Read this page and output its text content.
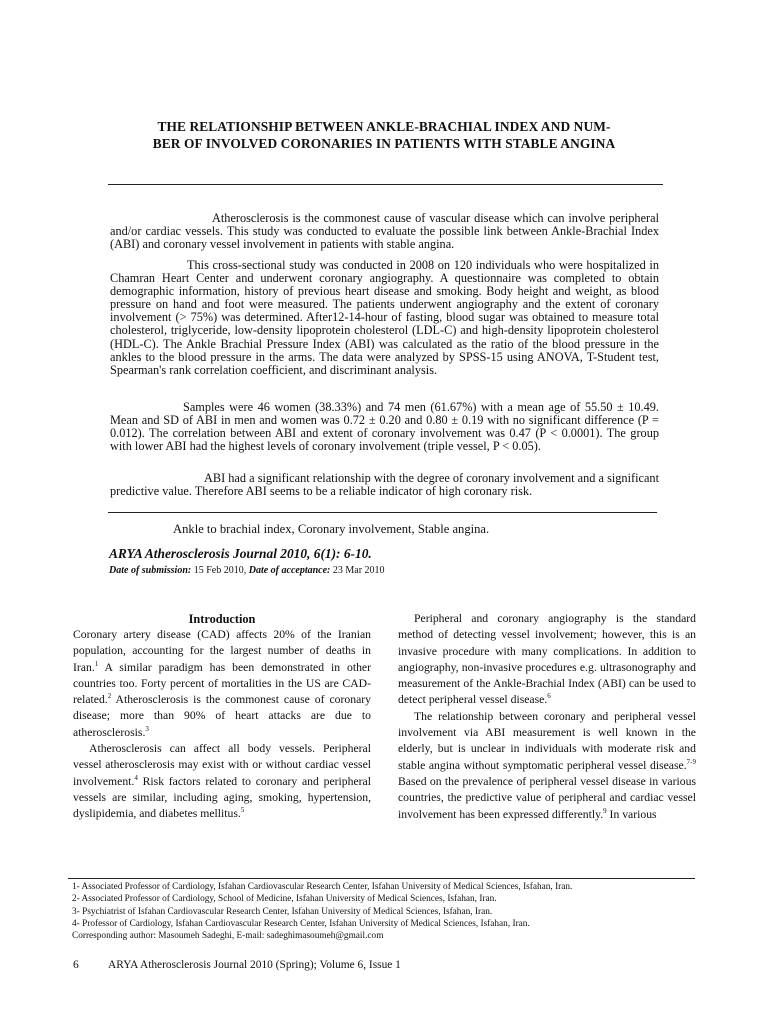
THE RELATIONSHIP BETWEEN ANKLE-BRACHIAL INDEX AND NUM-
BER OF INVOLVED CORONARIES IN PATIENTS WITH STABLE ANGINA

Atherosclerosis is the commonest cause of vascular disease which can involve peripheral and/or cardiac vessels. This study was conducted to evaluate the possible link between Ankle-Brachial Index (ABI) and coronary vessel involvement in patients with stable angina.

This cross-sectional study was conducted in 2008 on 120 individuals who were hospitalized in Chamran Heart Center and underwent coronary angiography. A questionnaire was completed to obtain demographic information, history of previous heart disease and smoking. Body height and weight, as blood pressure on hand and foot were measured. The patients underwent angiography and the extent of coronary involvement (> 75%) was determined. After12-14-hour of fasting, blood sugar was obtained to measure total cholesterol, triglyceride, low-density lipoprotein cholesterol (LDL-C) and high-density lipoprotein cholesterol (HDL-C). The Ankle Brachial Pressure Index (ABI) was calculated as the ratio of the blood pressure in the ankles to the blood pressure in the arms. The data were analyzed by SPSS-15 using ANOVA, T-Student test, Spearman's rank correlation coefficient, and discriminant analysis.

Samples were 46 women (38.33%) and 74 men (61.67%) with a mean age of 55.50 ± 10.49. Mean and SD of ABI in men and women was 0.72 ± 0.20 and 0.80 ± 0.19 with no significant difference (P = 0.012). The correlation between ABI and extent of coronary involvement was 0.47 (P < 0.0001). The group with lower ABI had the highest levels of coronary involvement (triple vessel, P < 0.05).

ABI had a significant relationship with the degree of coronary involvement and a significant predictive value. Therefore ABI seems to be a reliable indicator of high coronary risk.

Ankle to brachial index, Coronary involvement, Stable angina.
ARYA Atherosclerosis Journal 2010, 6(1): 6-10.
Date of submission: 15 Feb 2010, Date of acceptance: 23 Mar 2010
Introduction

Coronary artery disease (CAD) affects 20% of the Iranian population, accounting for the largest number of deaths in Iran.$^1$ A similar paradigm has been demonstrated in other countries too. Forty percent of mortalities in the US are CAD-related.$^2$ Atherosclerosis is the commonest cause of coronary disease; more than 90% of heart attacks are due to atherosclerosis.$^3$

Atherosclerosis can affect all body vessels. Peripheral vessel atherosclerosis may exist with or without cardiac vessel involvement.$^4$ Risk factors related to coronary and peripheral vessels are similar, including aging, smoking, hypertension, dyslipidemia, and diabetes mellitus.$^5$

Peripheral and coronary angiography is the standard method of detecting vessel involvement; however, this is an invasive procedure with many complications. In addition to angiography, non-invasive procedures e.g. ultrasonography and measurement of the Ankle-Brachial Index (ABI) can be used to detect peripheral vessel disease.$^6$

The relationship between coronary and peripheral vessel involvement via ABI measurement is well known in the elderly, but is unclear in individuals with moderate risk and stable angina without symptomatic peripheral vessel disease.$^{7-9}$ Based on the prevalence of peripheral vessel disease in various countries, the predictive value of peripheral and cardiac vessel involvement has been expressed differently.$^9$ In various

1- Associated Professor of Cardiology, Isfahan Cardiovascular Research Center, Isfahan University of Medical Sciences, Isfahan, Iran.
2- Associated Professor of Cardiology, School of Medicine, Isfahan University of Medical Sciences, Isfahan, Iran.
3- Psychiatrist of Isfahan Cardiovascular Research Center, Isfahan University of Medical Sciences, Isfahan, Iran.
4- Professor of Cardiology, Isfahan Cardiovascular Research Center, Isfahan University of Medical Sciences, Isfahan, Iran.
Corresponding author: Masoumeh Sadeghi, E-mail: sadeghimasoumeh@gmail.com
6	ARYA Atherosclerosis Journal 2010 (Spring); Volume 6, Issue 1
